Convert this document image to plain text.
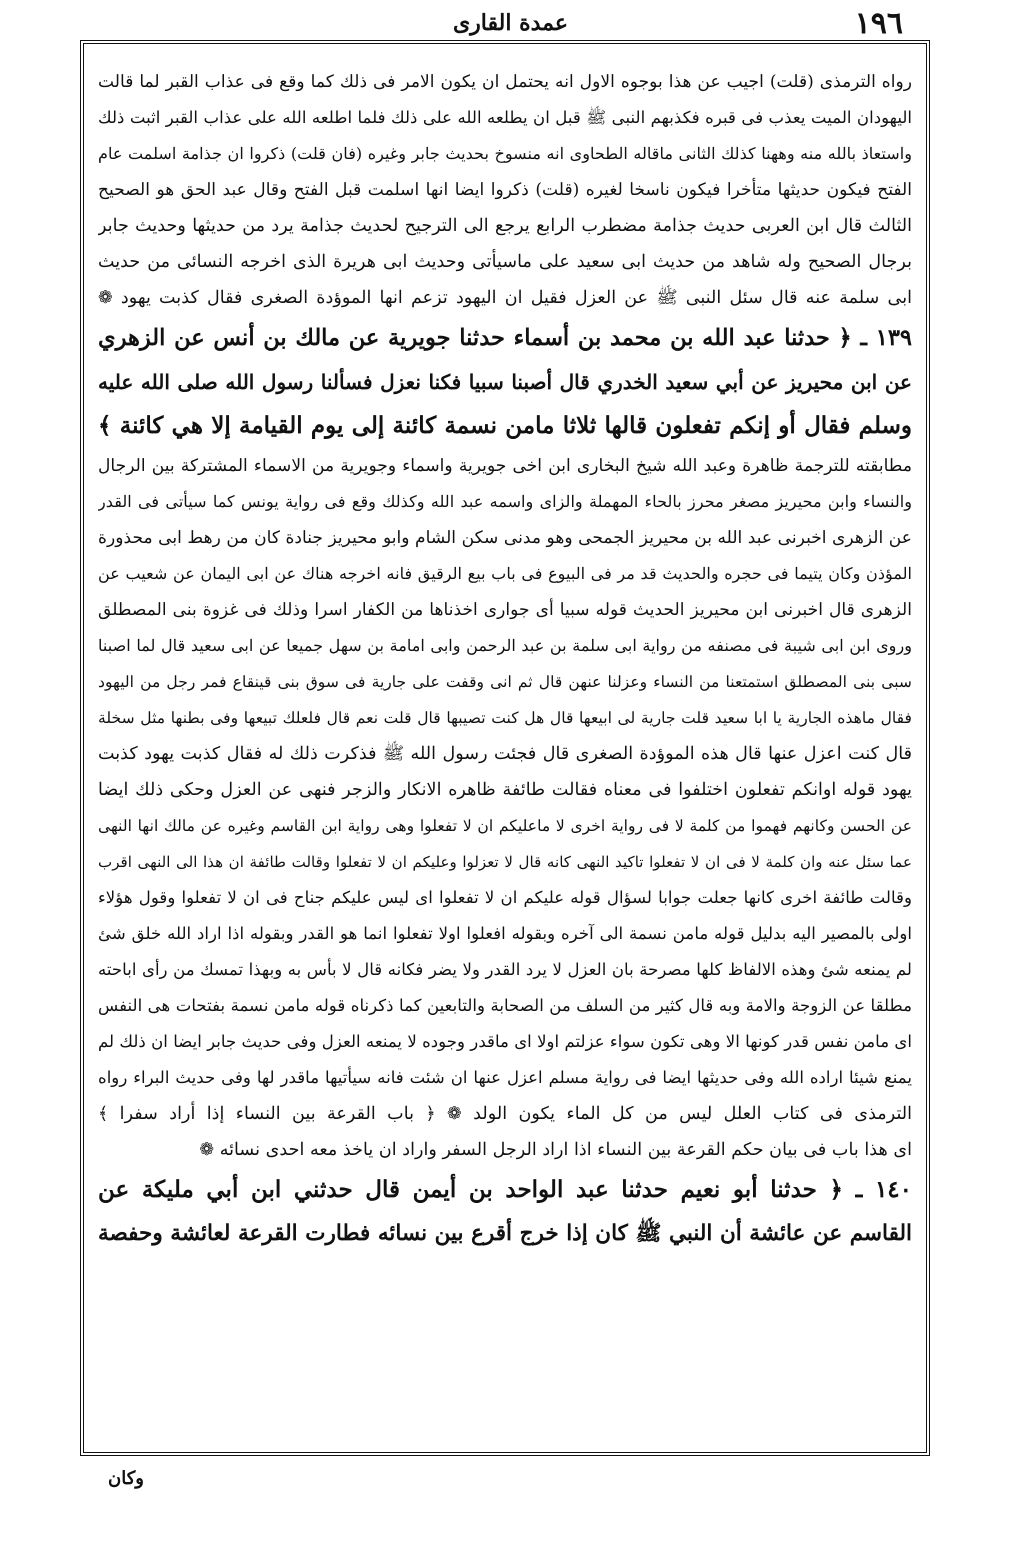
١٩٦
عمدة القارى
رواه الترمذى (قلت) اجيب عن هذا بوجوه الاول انه يحتمل ان يكون الامر فى ذلك كما وقع فى عذاب القبر لما قالت
اليهودان الميت يعذب فى قبره فكذبهم النبى ﷺ قبل ان يطلعه الله على ذلك فلما اطلعه الله على عذاب القبر اثبت ذلك
واستعاذ بالله منه وههنا كذلك الثانى ماقاله الطحاوى انه منسوخ بحديث جابر وغيره (فان قلت) ذكروا ان جذامة اسلمت عام
الفتح فيكون حديثها متأخرا فيكون ناسخا لغيره (قلت) ذكروا ايضا انها اسلمت قبل الفتح وقال عبد الحق هو الصحيح
الثالث قال ابن العربى حديث جذامة مضطرب الرابع يرجع الى الترجيح لحديث جذامة يرد من حديثها وحديث جابر
برجال الصحيح وله شاهد من حديث ابى سعيد على ماسيأتى وحديث ابى هريرة الذى اخرجه النسائى من حديث
ابى سلمة عنه قال سئل النبى ﷺ عن العزل فقيل ان اليهود تزعم انها الموؤدة الصغرى فقال كذبت يهود ❁
١٣٩ ـ ﴿ حدثنا عبد الله بن محمد بن أسماء حدثنا جويرية عن مالك بن أنس عن الزهري
عن ابن محيريز عن أبي سعيد الخدري قال أصبنا سبيا فكنا نعزل فسألنا رسول الله صلى الله عليه
وسلم فقال أو إنكم تفعلون قالها ثلاثا مامن نسمة كائنة إلى يوم القيامة إلا هي كائنة ﴾
مطابقته للترجمة ظاهرة وعبد الله شيخ البخارى ابن اخى جويرية واسماء وجويرية من الاسماء المشتركة بين الرجال
والنساء وابن محيريز مصغر محرز بالحاء المهملة والزاى واسمه عبد الله وكذلك وقع فى رواية يونس كما سيأتى فى القدر
عن الزهرى اخبرنى عبد الله بن محيريز الجمحى وهو مدنى سكن الشام وابو محيريز جنادة كان من رهط ابى محذورة
المؤذن وكان يتيما فى حجره والحديث قد مر فى البيوع فى باب بيع الرقيق فانه اخرجه هناك عن ابى اليمان عن شعيب عن
الزهرى قال اخبرنى ابن محيريز الحديث قوله سبيا أى جوارى اخذناها من الكفار اسرا وذلك فى غزوة بنى المصطلق
وروى ابن ابى شيبة فى مصنفه من رواية ابى سلمة بن عبد الرحمن وابى امامة بن سهل جميعا عن ابى سعيد قال لما اصبنا
سبى بنى المصطلق استمتعنا من النساء وعزلنا عنهن قال ثم انى وقفت على جارية فى سوق بنى قينقاع فمر رجل من اليهود
فقال ماهذه الجارية يا ابا سعيد قلت جارية لى ابيعها قال هل كنت تصيبها قال قلت نعم قال فلعلك تبيعها وفى بطنها مثل سخلة
قال كنت اعزل عنها قال هذه الموؤدة الصغرى قال فجئت رسول الله ﷺ فذكرت ذلك له فقال كذبت يهود كذبت
يهود قوله اوانكم تفعلون اختلفوا فى معناه فقالت طائفة ظاهره الانكار والزجر فنهى عن العزل وحكى ذلك ايضا
عن الحسن وكانهم فهموا من كلمة لا فى رواية اخرى لا ماعليكم ان لا تفعلوا وهى رواية ابن القاسم وغيره عن مالك انها النهى
عما سئل عنه وان كلمة لا فى ان لا تفعلوا تاكيد النهى كانه قال لا تعزلوا وعليكم ان لا تفعلوا وقالت طائفة ان هذا الى النهى اقرب
وقالت طائفة اخرى كانها جعلت جوابا لسؤال قوله عليكم ان لا تفعلوا اى ليس عليكم جناح فى ان لا تفعلوا وقول هؤلاء
اولى بالمصير اليه بدليل قوله مامن نسمة الى آخره وبقوله افعلوا اولا تفعلوا انما هو القدر وبقوله اذا اراد الله خلق شئ
لم يمنعه شئ وهذه الالفاظ كلها مصرحة بان العزل لا يرد القدر ولا يضر فكانه قال لا بأس به وبهذا تمسك من رأى اباحته
مطلقا عن الزوجة والامة وبه قال كثير من السلف من الصحابة والتابعين كما ذكرناه قوله مامن نسمة بفتحات هى النفس
اى مامن نفس قدر كونها الا وهى تكون سواء عزلتم اولا اى ماقدر وجوده لا يمنعه العزل وفى حديث جابر ايضا ان ذلك لم
يمنع شيئا اراده الله وفى حديثها ايضا فى رواية مسلم اعزل عنها ان شئت فانه سيأتيها ماقدر لها وفى حديث البراء رواه
الترمذى فى كتاب العلل ليس من كل الماء يكون الولد ❁ ﴿ باب القرعة بين النساء إذا أراد سفرا ﴾
اى هذا باب فى بيان حكم القرعة بين النساء اذا اراد الرجل السفر واراد ان ياخذ معه احدى نسائه ❁
١٤٠ ـ ﴿ حدثنا أبو نعيم حدثنا عبد الواحد بن أيمن قال حدثني ابن أبي مليكة عن
القاسم عن عائشة أن النبي ﷺ كان إذا خرج أقرع بين نسائه فطارت القرعة لعائشة وحفصة
وكان
